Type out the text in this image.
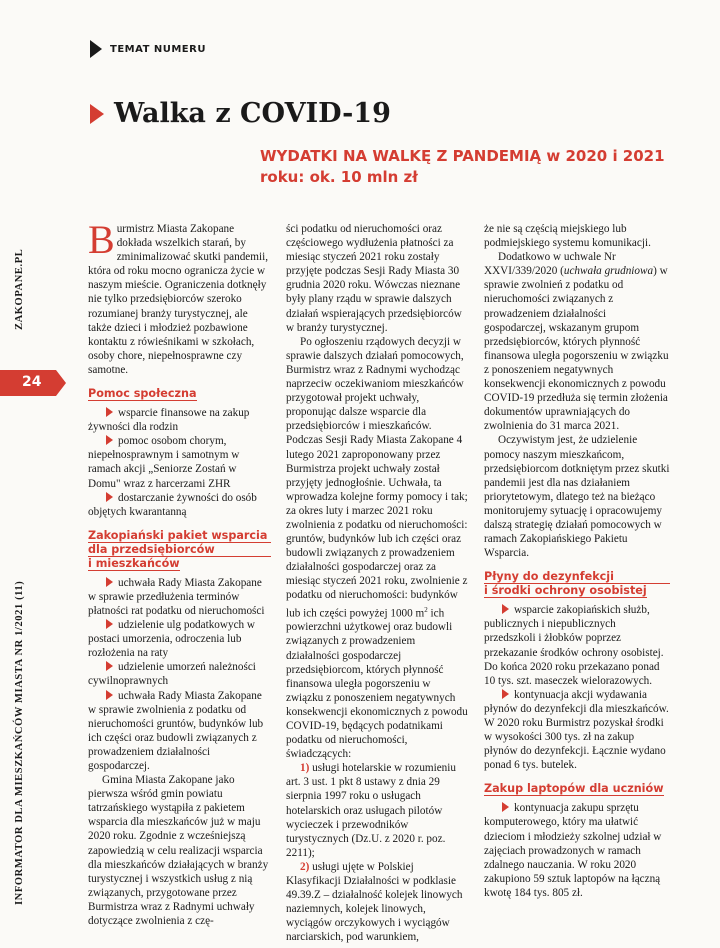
TEMAT NUMERU
Walka z COVID-19
WYDATKI NA WALKĘ Z PANDEMIĄ w 2020 i 2021 roku: ok. 10 mln zł
ZAKOPANE.PL
24
INFORMATOR DLA MIESZKAŃCÓW MIASTA NR 1/2021 (11)

Burmistrz Miasta Zakopane dokłada wszelkich starań, by zminimalizować skutki pandemii, która od roku mocno ogranicza życie w naszym mieście. Ograniczenia dotknęły nie tylko przedsiębiorców szeroko rozumianej branży turystycznej, ale także dzieci i młodzież pozbawione kontaktu z rówieśnikami w szkołach, osoby chore, niepełnosprawne czy samotne.

Pomoc społeczna

wsparcie finansowe na zakup żywności dla rodzin

pomoc osobom chorym, niepełnosprawnym i samotnym w ramach akcji „Seniorze Zostań w Domu" wraz z harcerzami ZHR

dostarczanie żywności do osób objętych kwarantanną

Zakopiański pakiet wsparcia
dla przedsiębiorców
i mieszkańców

uchwała Rady Miasta Zakopane w sprawie przedłużenia terminów płatności rat podatku od nieruchomości

udzielenie ulg podatkowych w postaci umorzenia, odroczenia lub rozłożenia na raty

udzielenie umorzeń należności cywilnoprawnych

uchwała Rady Miasta Zakopane w sprawie zwolnienia z podatku od nieruchomości gruntów, budynków lub ich części oraz budowli związanych z prowadzeniem działalności gospodarczej.

Gmina Miasta Zakopane jako pierwsza wśród gmin powiatu tatrzańskiego wystąpiła z pakietem wsparcia dla mieszkańców już w maju 2020 roku. Zgodnie z wcześniejszą zapowiedzią w celu realizacji wsparcia dla mieszkańców działających w branży turystycznej i wszystkich usług z nią związanych, przygotowane przez Burmistrza wraz z Radnymi uchwały dotyczące zwolnienia z czę-

ści podatku od nieruchomości oraz częściowego wydłużenia płatności za miesiąc styczeń 2021 roku zostały przyjęte podczas Sesji Rady Miasta 30 grudnia 2020 roku. Wówczas nieznane były plany rządu w sprawie dalszych działań wspierających przedsiębiorców w branży turystycznej.

Po ogłoszeniu rządowych decyzji w sprawie dalszych działań pomocowych, Burmistrz wraz z Radnymi wychodząc naprzeciw oczekiwaniom mieszkańców przygotował projekt uchwały, proponując dalsze wsparcie dla przedsiębiorców i mieszkańców. Podczas Sesji Rady Miasta Zakopane 4 lutego 2021 zaproponowany przez Burmistrza projekt uchwały został przyjęty jednogłośnie. Uchwała, ta wprowadza kolejne formy pomocy i tak; za okres luty i marzec 2021 roku zwolnienia z podatku od nieruchomości: gruntów, budynków lub ich części oraz budowli związanych z prowadzeniem działalności gospodarczej oraz za miesiąc styczeń 2021 roku, zwolnienie z podatku od nieruchomości: budynków lub ich części powyżej 1000 $m^2$ ich powierzchni użytkowej oraz budowli związanych z prowadzeniem działalności gospodarczej przedsiębiorcom, których płynność finansowa uległa pogorszeniu w związku z ponoszeniem negatywnych konsekwencji ekonomicznych z powodu COVID-19, będących podatnikami podatku od nieruchomości, świadczących:

1) usługi hotelarskie w rozumieniu art. 3 ust. 1 pkt 8 ustawy z dnia 29 sierpnia 1997 roku o usługach hotelarskich oraz usługach pilotów wycieczek i przewodników turystycznych (Dz.U. z 2020 r. poz. 2211);

2) usługi ujęte w Polskiej Klasyfikacji Działalności w podklasie 49.39.Z – działalność kolejek linowych naziemnych, kolejek linowych, wyciągów orczykowych i wyciągów narciarskich, pod warunkiem,

że nie są częścią miejskiego lub podmiejskiego systemu komunikacji.

Dodatkowo w uchwale Nr XXVI/339/2020 (uchwała grudniowa) w sprawie zwolnień z podatku od nieruchomości związanych z prowadzeniem działalności gospodarczej, wskazanym grupom przedsiębiorców, których płynność finansowa uległa pogorszeniu w związku z ponoszeniem negatywnych konsekwencji ekonomicznych z powodu COVID-19 przedłuża się termin złożenia dokumentów uprawniających do zwolnienia do 31 marca 2021.

Oczywistym jest, że udzielenie pomocy naszym mieszkańcom, przedsiębiorcom dotkniętym przez skutki pandemii jest dla nas działaniem priorytetowym, dlatego też na bieżąco monitorujemy sytuację i opracowujemy dalszą strategię działań pomocowych w ramach Zakopiańskiego Pakietu Wsparcia.

Płyny do dezynfekcji
i środki ochrony osobistej

wsparcie zakopiańskich służb, publicznych i niepublicznych przedszkoli i żłobków poprzez przekazanie środków ochrony osobistej. Do końca 2020 roku przekazano ponad 10 tys. szt. maseczek wielorazowych.

kontynuacja akcji wydawania płynów do dezynfekcji dla mieszkańców. W 2020 roku Burmistrz pozyskał środki w wysokości 300 tys. zł na zakup płynów do dezynfekcji. Łącznie wydano ponad 6 tys. butelek.

Zakup laptopów dla uczniów

kontynuacja zakupu sprzętu komputerowego, który ma ułatwić dzieciom i młodzieży szkolnej udział w zajęciach prowadzonych w ramach zdalnego nauczania. W roku 2020 zakupiono 59 sztuk laptopów na łączną kwotę 184 tys. 805 zł.
